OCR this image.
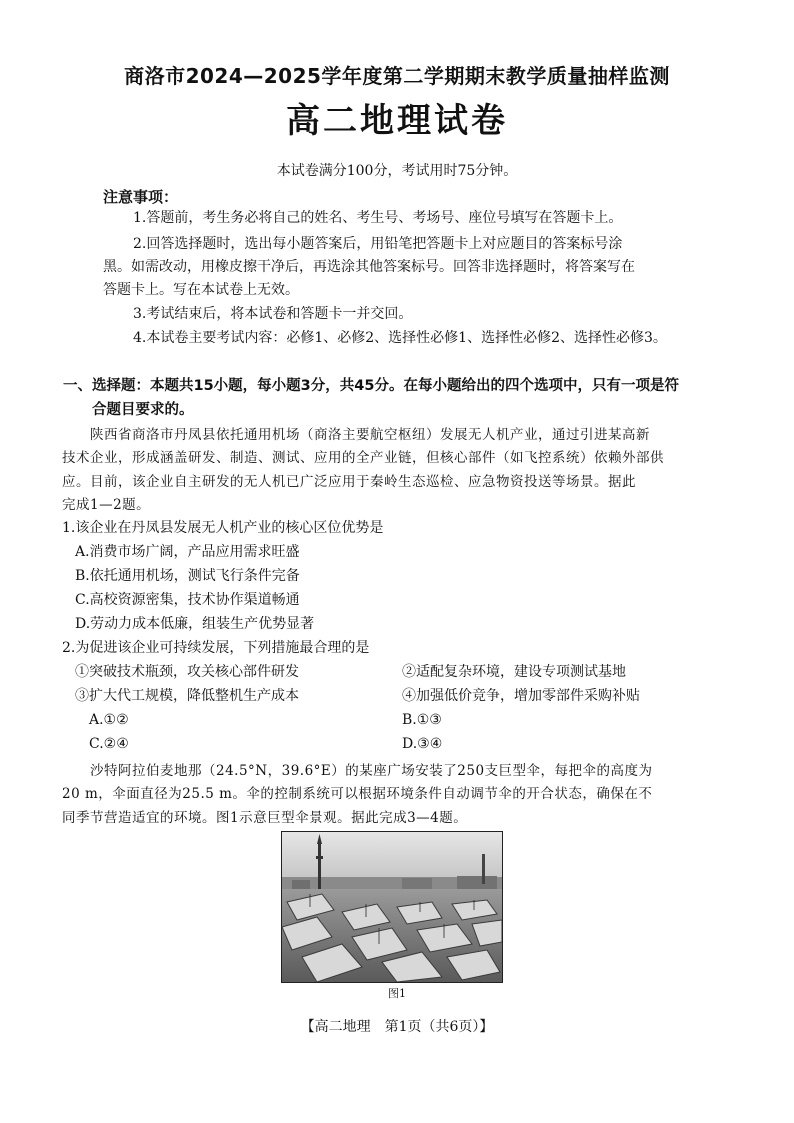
商洛市2024—2025学年度第二学期期末教学质量抽样监测
高二地理试卷
本试卷满分100分，考试用时75分钟。
注意事项：
1.答题前，考生务必将自己的姓名、考生号、考场号、座位号填写在答题卡上。
2.回答选择题时，选出每小题答案后，用铅笔把答题卡上对应题目的答案标号涂
黑。如需改动，用橡皮擦干净后，再选涂其他答案标号。回答非选择题时，将答案写在
答题卡上。写在本试卷上无效。
3.考试结束后，将本试卷和答题卡一并交回。
4.本试卷主要考试内容：必修1、必修2、选择性必修1、选择性必修2、选择性必修3。
一、选择题：本题共15小题，每小题3分，共45分。在每小题给出的四个选项中，只有一项是符
合题目要求的。
陕西省商洛市丹凤县依托通用机场（商洛主要航空枢纽）发展无人机产业，通过引进某高新
技术企业，形成涵盖研发、制造、测试、应用的全产业链，但核心部件（如飞控系统）依赖外部供
应。目前，该企业自主研发的无人机已广泛应用于秦岭生态巡检、应急物资投送等场景。据此
完成1—2题。
1.该企业在丹凤县发展无人机产业的核心区位优势是
A.消费市场广阔，产品应用需求旺盛
B.依托通用机场，测试飞行条件完备
C.高校资源密集，技术协作渠道畅通
D.劳动力成本低廉，组装生产优势显著
2.为促进该企业可持续发展，下列措施最合理的是
①突破技术瓶颈，攻关核心部件研发	②适配复杂环境，建设专项测试基地
③扩大代工规模，降低整机生产成本	④加强低价竞争，增加零部件采购补贴
A.①②	B.①③
C.②④	D.③④
沙特阿拉伯麦地那（24.5°N，39.6°E）的某座广场安装了250支巨型伞，每把伞的高度为
20 m，伞面直径为25.5 m。伞的控制系统可以根据环境条件自动调节伞的开合状态，确保在不
同季节营造适宜的环境。图1示意巨型伞景观。据此完成3—4题。
图1
【高二地理　第1页（共6页）】
